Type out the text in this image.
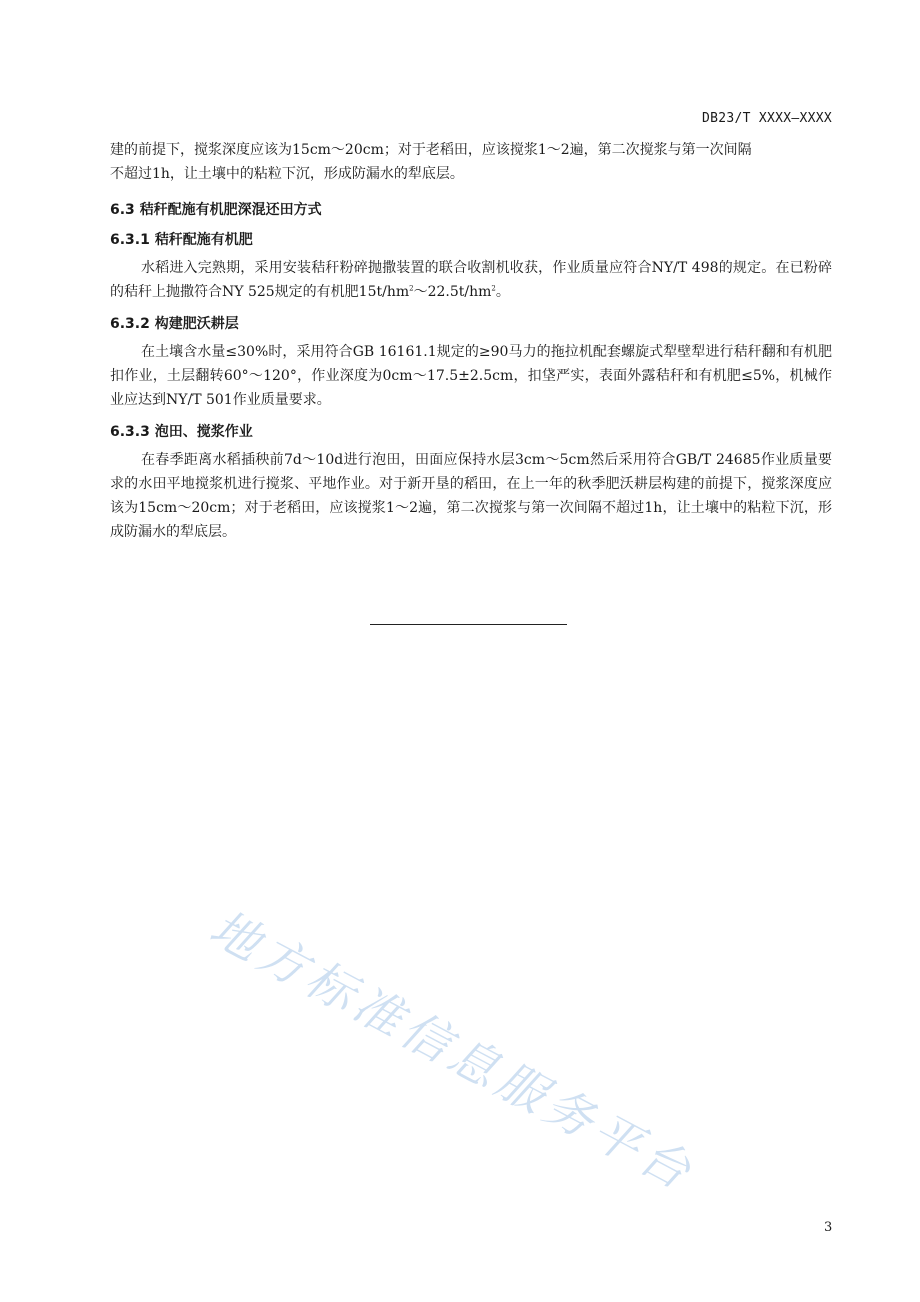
DB23/T XXXX—XXXX

建的前提下，搅浆深度应该为15cm～20cm；对于老稻田，应该搅浆1～2遍，第二次搅浆与第一次间隔

不超过1h，让土壤中的粘粒下沉，形成防漏水的犁底层。

6.3 秸秆配施有机肥深混还田方式
6.3.1 秸秆配施有机肥

水稻进入完熟期，采用安装秸秆粉碎抛撒装置的联合收割机收获，作业质量应符合NY/T 498的规定。在已粉碎的秸秆上抛撒符合NY 525规定的有机肥$15t/hm^2\sim 22.5t/hm^2$。

6.3.2 构建肥沃耕层

在土壤含水量≤30%时，采用符合GB 16161.1规定的≥90马力的拖拉机配套螺旋式犁壁犁进行秸秆翻和有机肥扣作业，土层翻转60°～120°，作业深度为0cm～17.5±2.5cm，扣垡严实，表面外露秸秆和有机肥≤5%，机械作业应达到NY/T 501作业质量要求。

6.3.3 泡田、搅浆作业

在春季距离水稻插秧前7d～10d进行泡田，田面应保持水层3cm～5cm然后采用符合GB/T 24685作业质量要求的水田平地搅浆机进行搅浆、平地作业。对于新开垦的稻田，在上一年的秋季肥沃耕层构建的前提下，搅浆深度应该为15cm～20cm；对于老稻田，应该搅浆1～2遍，第二次搅浆与第一次间隔不超过1h，让土壤中的粘粒下沉，形成防漏水的犁底层。

地方标准信息服务平台
3
